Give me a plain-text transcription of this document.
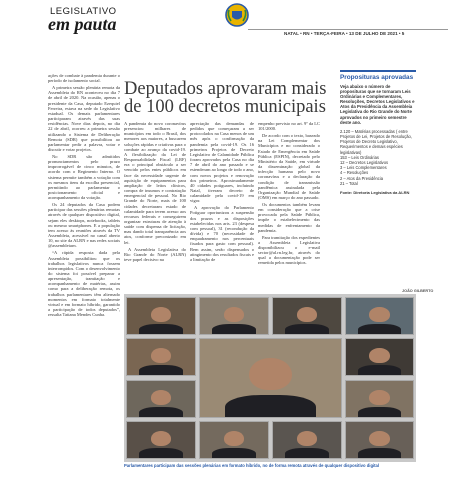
LEGISLATIVO
em pauta	NATAL • RN • TERÇA-FEIRA • 13 DE JULHO DE 2021 • 5

ações de combate à pandemia durante o período de isolamento social.

A primeira sessão plenária remota da Assembleia do RN aconteceu no dia 7 de abril de 2020. Na ocasião, apenas o presidente da Casa, deputado Ezequiel Ferreira, estava na sede do Legislativo estadual. Os demais parlamentares participaram através das suas residências. Nove dias depois, no dia 22 de abril, ocorreu a primeira sessão utilizando o Sistema de Deliberação Remota (SDR) que possibilitou ao parlamentar pedir a palavra, votar e discutir e votar projetos.

No SDR são admitidos pronunciamentos pelo prazo improrrogável de cinco minutos, de acordo com o Regimento Interno. O sistema permite também a votação com os mesmos itens da escolha presencial, permitindo ao parlamentar o posicionamento oficial e acompanhamento da votação.

Os 24 deputados da Casa podem participar das sessões plenárias remotas através de qualquer dispositivo digital, sejam eles desktops, notebooks, tablets ou mesmo smartphones. E a população tem acesso às reuniões através da TV Assembleia, acessível no canal aberto 10, no site da ALRN e nas redes sociais @assembleiarn.

“A rápida resposta dada pela Assembleia possibilitou que os trabalhos legislativos nunca fossem interrompidos. Com o desenvolvimento do sistema foi possível preparar a apresentação, tramitação e acompanhamento de matérias, assim como para a deliberação remota, os trabalhos parlamentares têm alternado momentos em formato totalmente virtual e em formato híbrido, garantido a participação de todos deputados”, ressalta Tatiana Mendes Cunha.

Deputados aprovaram mais de 100 decretos municipais

A pandemia do novo coronavírus presenciou milhares de municípios em todo o Brasil, dos menores aos maiores, a buscarem soluções rápidas e criativas para o combate ao avanço da covid-19. A flexibilização da Lei de Responsabilidade Fiscal (LRF) era o principal obstáculo a ser vencido pelos entes públicos em face da necessidade urgente de aquisição de equipamentos para ampliação de leitos clínicos, compra de insumos e contratação emergencial de pessoal. No Rio Grande do Norte, mais de 100 cidades decretaram estado de calamidade para terem acesso aos recursos federais e conseguirem organizar estruturas de atenção à saúde com dispensa de licitação, mas dando total transparência aos atos, conforme preconizado em lei.

A Assembleia Legislativa do Rio Grande do Norte (ALRN) teve papel decisivo na

apreciação das demandas de pedidos que começaram a ser protocolados na Casa menos de um mês após o confirmação da pandemia pela covid-19. Os 16 primeiros Projetos de Decreto Legislativo de Calamidade Pública foram aprovados pela Casa no dia 7 de abril do ano passado e se estenderam ao longo de todo o ano, com novos projetos e renovação dos primeiros. Aproximadamente 40 cidades potiguares, incluindo Natal, tiveram decreto de calamidade pela covid-19 em vigor.

A aprovação do Parlamento Potiguar oportunizou a suspensão dos prazos e as disposições estabelecidas nos arts. 23 (despesa com pessoal), 31 (recondução da dívida) e 70 (necessidade de enquadramento nos percentuais fixados para gasto com pessoal). Bem assim, serão dispensados o atingimento dos resultados fiscais e a limitação de

empenho previsto no art. 9º da LC 101/2000.

De acordo com o texto, baseado na Lei Complementar dos Municípios e no considerado o Estado de Emergência em Saúde Pública (ESPIN), decretado pelo Ministério da Saúde, em virtude da disseminação global da infecção humana pelo novo coronavírus e a declaração da condição de transmissão pandêmica assinalada pela Organização Mundial de Saúde (OMS) em março do ano passado.

Os documentos também levam em consideração que a crise provocada pela Saúde Pública, impõe o estabelecimento das medidas de enfrentamento da pandemia.

Para tramitação dos expedientes a Assembleia Legislativa disponibilizou o e-mail sector@al.rn.leg.br, através do qual a documentação pode ser remetida pelos municípios.

Proposituras aprovadas
Veja abaixo o número de proposituras que se tornaram Leis Ordinárias e Complementares, Resoluções, Decretos Legislativos e Atos da Presidência da Assembleia Legislativa do Rio Grande do Norte aprovados no primeiro semestre deste ano.
2.120 – Matérias processadas ( entre Projetos de Lei, Projetos de Resolução, Projetos de Decreto Legislativo, Requerimentos e demais espécies legislativas)
153 – Leis Ordinárias
12 – Decretos Legislativos
3 – Leis Complementares
4 – Resoluções
2 – Atos da Presidência
21 – Total
Fonte: Diretoria Legislativa da ALRN
JOÃO GILBERTO
Parlamentares participam das sessões plenárias em formato híbrido, no de forma remota através de qualquer dispositivo digital
